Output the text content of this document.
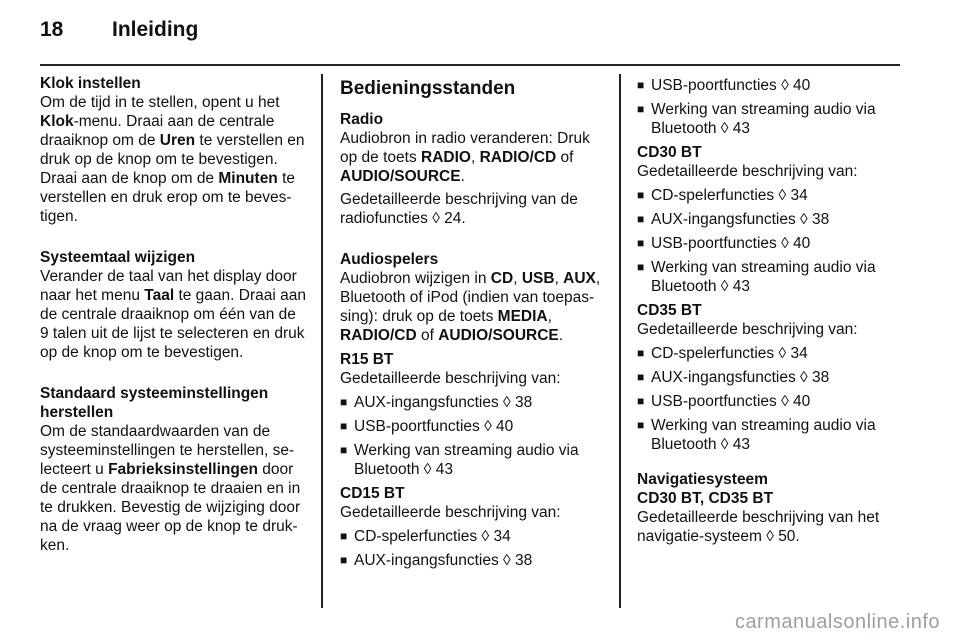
18 Inleiding
Klok instellen

Om de tijd in te stellen, opent u het Klok-menu. Draai aan de centrale draaiknop om de Uren te verstellen en druk op de knop om te bevestigen. Draai aan de knop om de Minuten te verstellen en druk erop om te beves-tigen.

Systeemtaal wijzigen

Verander de taal van het display door naar het menu Taal te gaan. Draai aan de centrale draaiknop om één van de 9 talen uit de lijst te selecteren en druk op de knop om te bevestigen.

Standaard systeeminstellingen herstellen

Om de standaardwaarden van de systeeminstellingen te herstellen, se-lecteert u Fabrieksinstellingen door de centrale draaiknop te draaien en in te drukken. Bevestig de wijziging door na de vraag weer op de knop te druk-ken.

Bedieningsstanden
Radio

Audiobron in radio veranderen: Druk op de toets RADIO, RADIO/CD of AUDIO/SOURCE.

Gedetailleerde beschrijving van de radiofuncties ◊ 24.

Audiospelers

Audiobron wijzigen in CD, USB, AUX, Bluetooth of iPod (indien van toepas-sing): druk op de toets MEDIA, RADIO/CD of AUDIO/SOURCE.

R15 BT

Gedetailleerde beschrijving van:

■ AUX-ingangsfuncties ◊ 38
■ USB-poortfuncties ◊ 40
■ Werking van streaming audio via Bluetooth ◊ 43
CD15 BT

Gedetailleerde beschrijving van:

■ CD-spelerfuncties ◊ 34
■ AUX-ingangsfuncties ◊ 38
■ USB-poortfuncties ◊ 40
■ Werking van streaming audio via Bluetooth ◊ 43
CD30 BT

Gedetailleerde beschrijving van:

■ CD-spelerfuncties ◊ 34
■ AUX-ingangsfuncties ◊ 38
■ USB-poortfuncties ◊ 40
■ Werking van streaming audio via Bluetooth ◊ 43
CD35 BT

Gedetailleerde beschrijving van:

■ CD-spelerfuncties ◊ 34
■ AUX-ingangsfuncties ◊ 38
■ USB-poortfuncties ◊ 40
■ Werking van streaming audio via Bluetooth ◊ 43
Navigatiesysteem
CD30 BT, CD35 BT

Gedetailleerde beschrijving van het navigatie-systeem ◊ 50.

carmanualsonline.info
